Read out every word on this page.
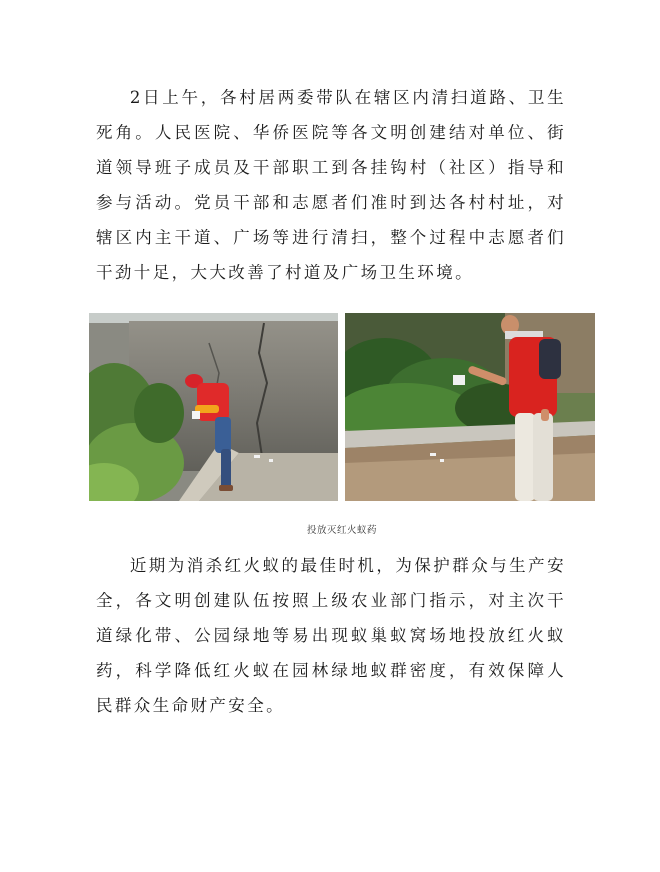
2日上午，各村居两委带队在辖区内清扫道路、卫生死角。人民医院、华侨医院等各文明创建结对单位、街道领导班子成员及干部职工到各挂钩村（社区）指导和参与活动。党员干部和志愿者们准时到达各村村址，对辖区内主干道、广场等进行清扫，整个过程中志愿者们干劲十足，大大改善了村道及广场卫生环境。

投放灭红火蚁药

近期为消杀红火蚁的最佳时机，为保护群众与生产安全，各文明创建队伍按照上级农业部门指示，对主次干道绿化带、公园绿地等易出现蚁巢蚁窝场地投放红火蚁药，科学降低红火蚁在园林绿地蚁群密度，有效保障人民群众生命财产安全。
